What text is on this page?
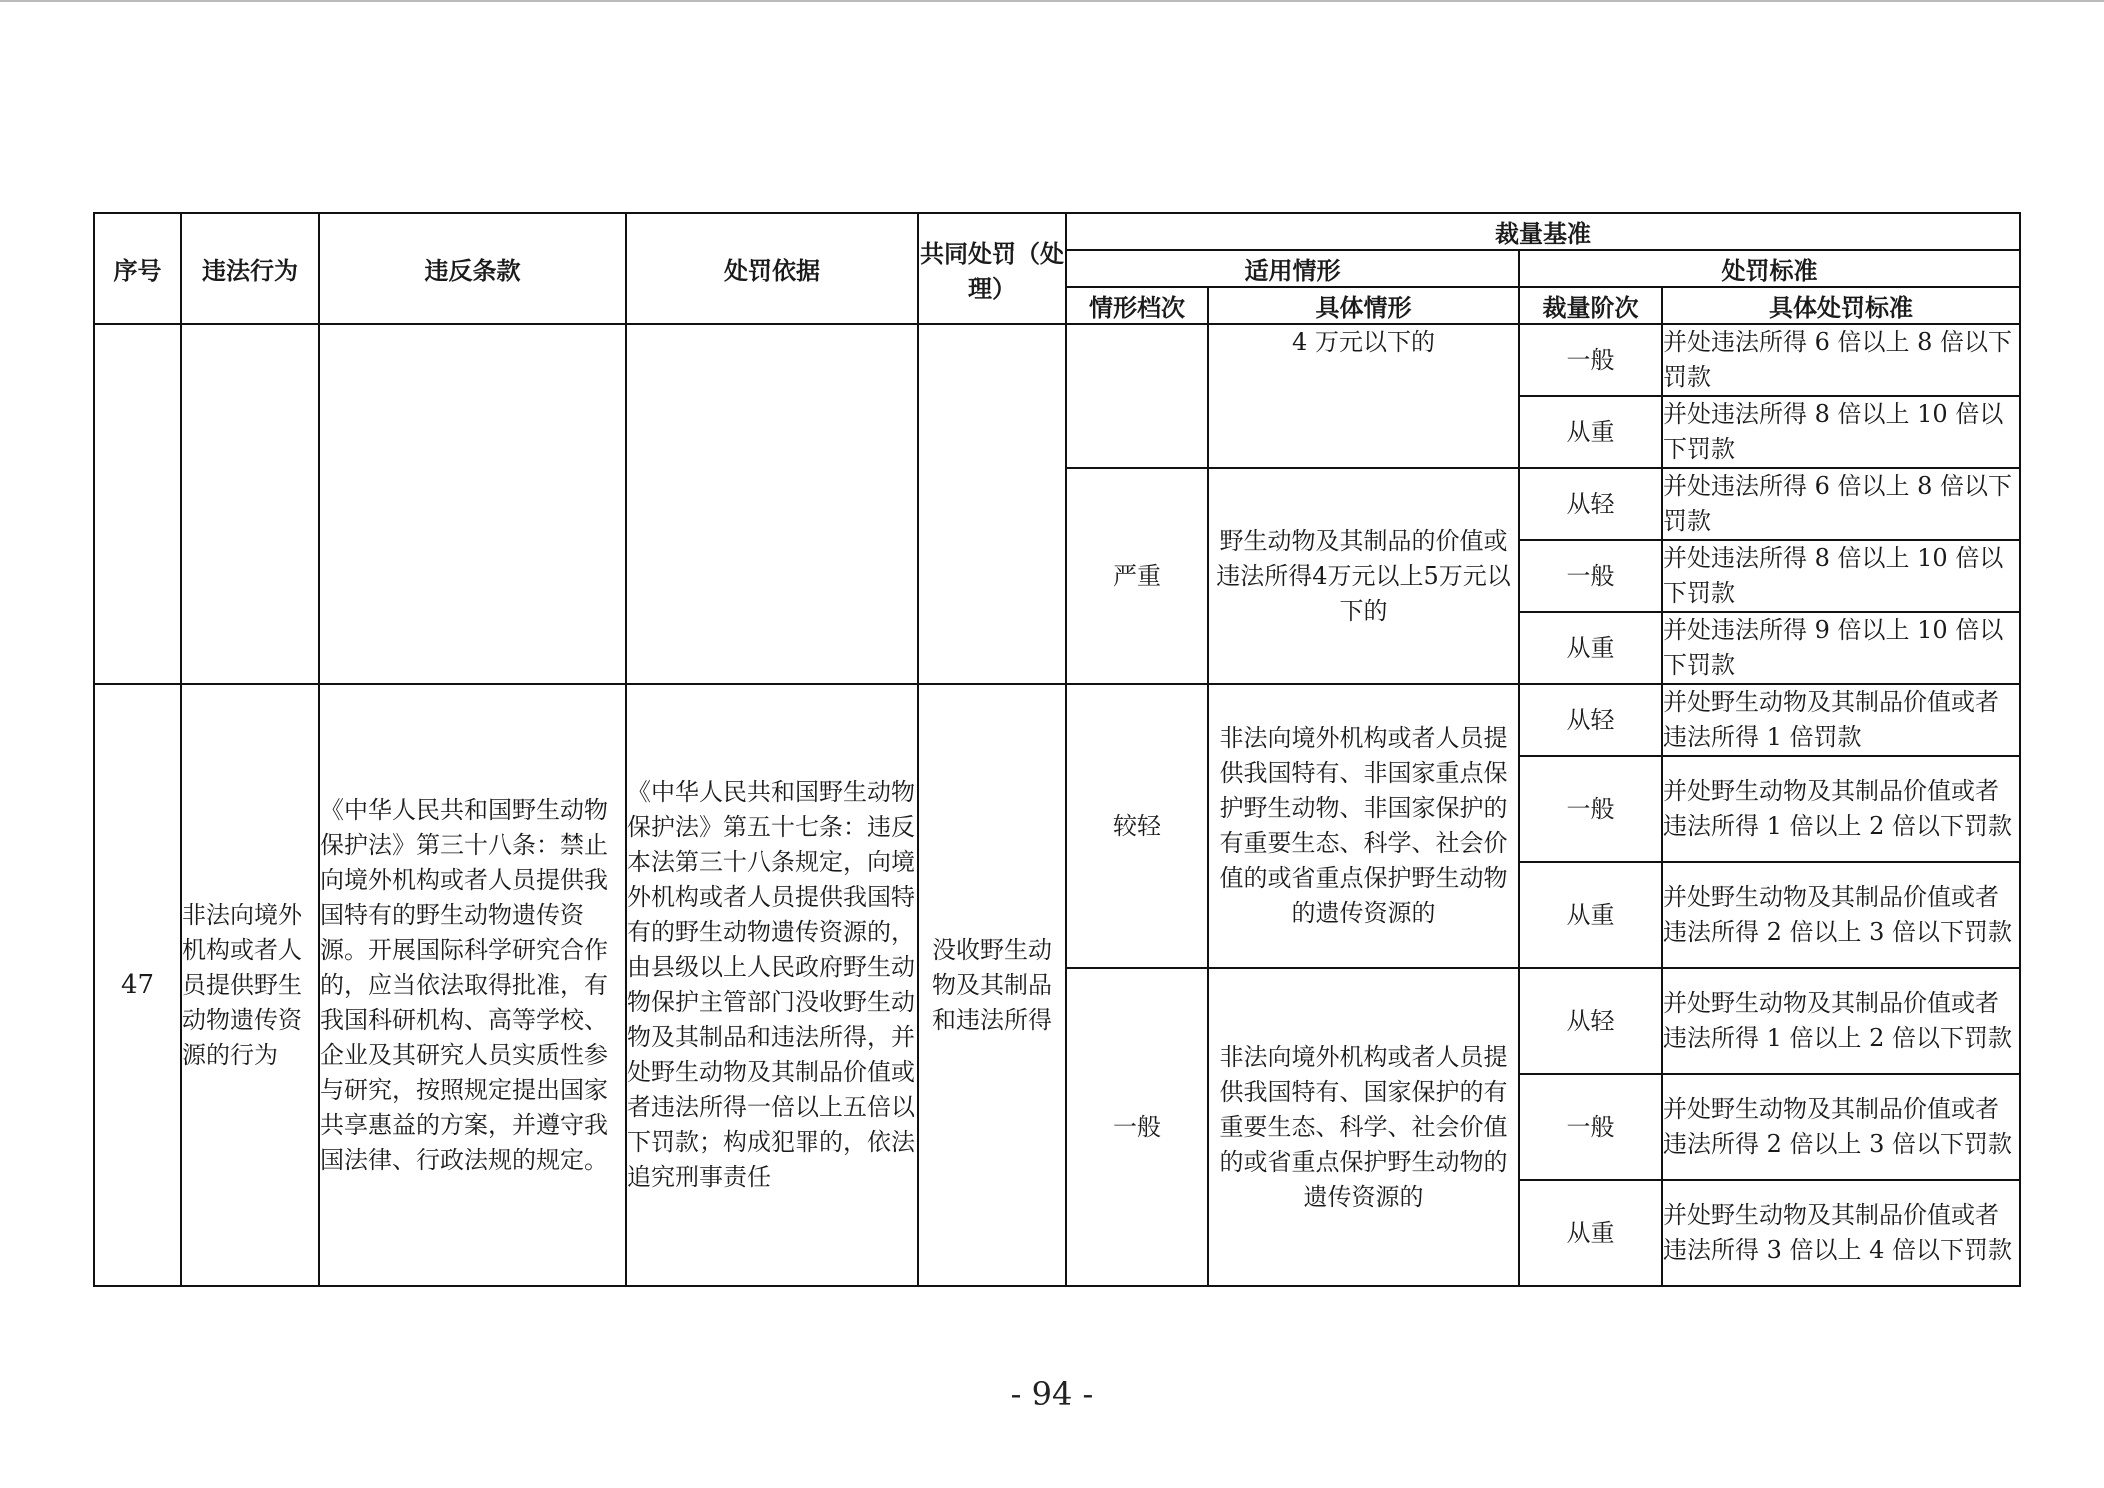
序号	违法行为	违反条款	处罚依据	共同处罚（处理）	裁量基准			
					适用情形		处罚标准	
					情形档次	具体情形	裁量阶次	具体处罚标准
						4 万元以下的	一般	并处违法所得 6 倍以上 8 倍以下罚款
							从重	并处违法所得 8 倍以上 10 倍以下罚款
					严重	野生动物及其制品的价值或违法所得4万元以上5万元以下的	从轻	并处违法所得 6 倍以上 8 倍以下罚款
							一般	并处违法所得 8 倍以上 10 倍以下罚款
							从重	并处违法所得 9 倍以上 10 倍以下罚款
47	非法向境外机构或者人员提供野生动物遗传资源的行为	《中华人民共和国野生动物保护法》第三十八条：禁止向境外机构或者人员提供我国特有的野生动物遗传资源。开展国际科学研究合作的，应当依法取得批准，有我国科研机构、高等学校、企业及其研究人员实质性参与研究，按照规定提出国家共享惠益的方案，并遵守我国法律、行政法规的规定。	《中华人民共和国野生动物保护法》第五十七条：违反本法第三十八条规定，向境外机构或者人员提供我国特有的野生动物遗传资源的，由县级以上人民政府野生动物保护主管部门没收野生动物及其制品和违法所得，并处野生动物及其制品价值或者违法所得一倍以上五倍以下罚款；构成犯罪的，依法追究刑事责任	没收野生动物及其制品和违法所得	较轻	非法向境外机构或者人员提供我国特有、非国家重点保护野生动物、非国家保护的有重要生态、科学、社会价值的或省重点保护野生动物的遗传资源的	从轻	并处野生动物及其制品价值或者违法所得 1 倍罚款
							一般	并处野生动物及其制品价值或者违法所得 1 倍以上 2 倍以下罚款
							从重	并处野生动物及其制品价值或者违法所得 2 倍以上 3 倍以下罚款
					一般	非法向境外机构或者人员提供我国特有、国家保护的有重要生态、科学、社会价值的或省重点保护野生动物的遗传资源的	从轻	并处野生动物及其制品价值或者违法所得 1 倍以上 2 倍以下罚款
							一般	并处野生动物及其制品价值或者违法所得 2 倍以上 3 倍以下罚款
							从重	并处野生动物及其制品价值或者违法所得 3 倍以上 4 倍以下罚款
- 94 -
